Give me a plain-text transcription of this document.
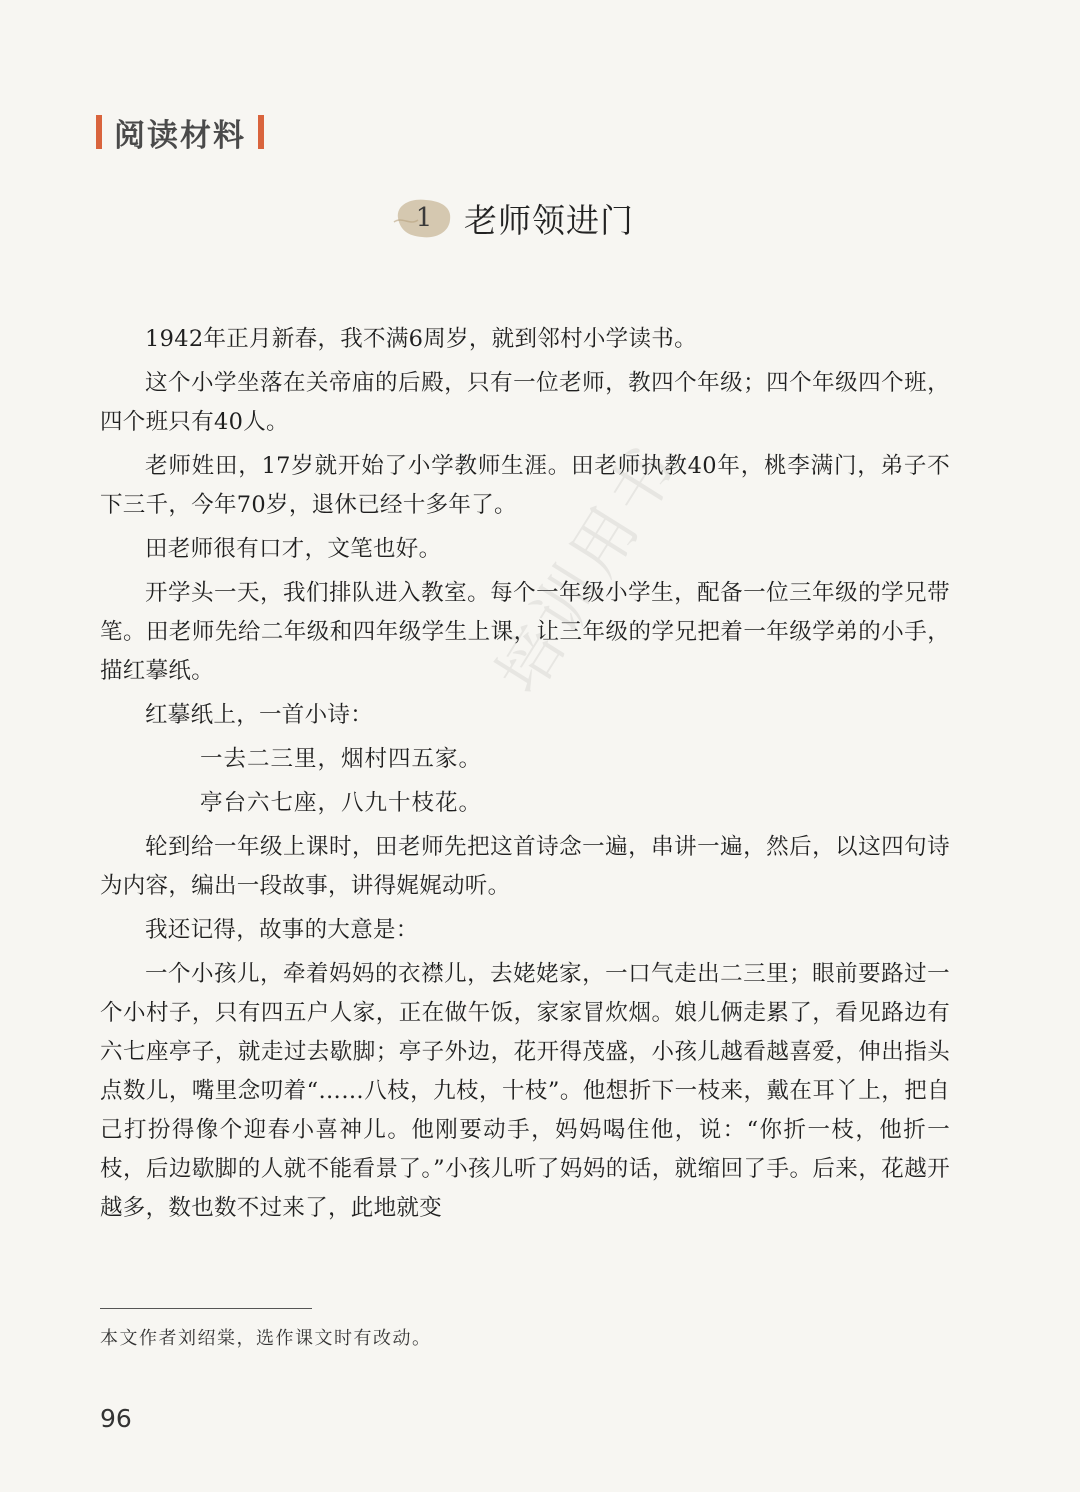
阅读材料
1 老师领进门

1942年正月新春，我不满6周岁，就到邻村小学读书。

这个小学坐落在关帝庙的后殿，只有一位老师，教四个年级；四个年级四个班，四个班只有40人。

老师姓田，17岁就开始了小学教师生涯。田老师执教40年，桃李满门，弟子不下三千，今年70岁，退休已经十多年了。

田老师很有口才，文笔也好。

开学头一天，我们排队进入教室。每个一年级小学生，配备一位三年级的学兄带笔。田老师先给二年级和四年级学生上课，让三年级的学兄把着一年级学弟的小手，描红摹纸。

红摹纸上，一首小诗：

一去二三里，烟村四五家。

亭台六七座，八九十枝花。

轮到给一年级上课时，田老师先把这首诗念一遍，串讲一遍，然后，以这四句诗为内容，编出一段故事，讲得娓娓动听。

我还记得，故事的大意是：

一个小孩儿，牵着妈妈的衣襟儿，去姥姥家，一口气走出二三里；眼前要路过一个小村子，只有四五户人家，正在做午饭，家家冒炊烟。娘儿俩走累了，看见路边有六七座亭子，就走过去歇脚；亭子外边，花开得茂盛，小孩儿越看越喜爱，伸出指头点数儿，嘴里念叨着“……八枝，九枝，十枝”。他想折下一枝来，戴在耳丫上，把自己打扮得像个迎春小喜神儿。他刚要动手，妈妈喝住他，说：“你折一枝，他折一枝，后边歇脚的人就不能看景了。”小孩儿听了妈妈的话，就缩回了手。后来，花越开越多，数也数不过来了，此地就变

培训用书
本文作者刘绍棠，选作课文时有改动。
96
